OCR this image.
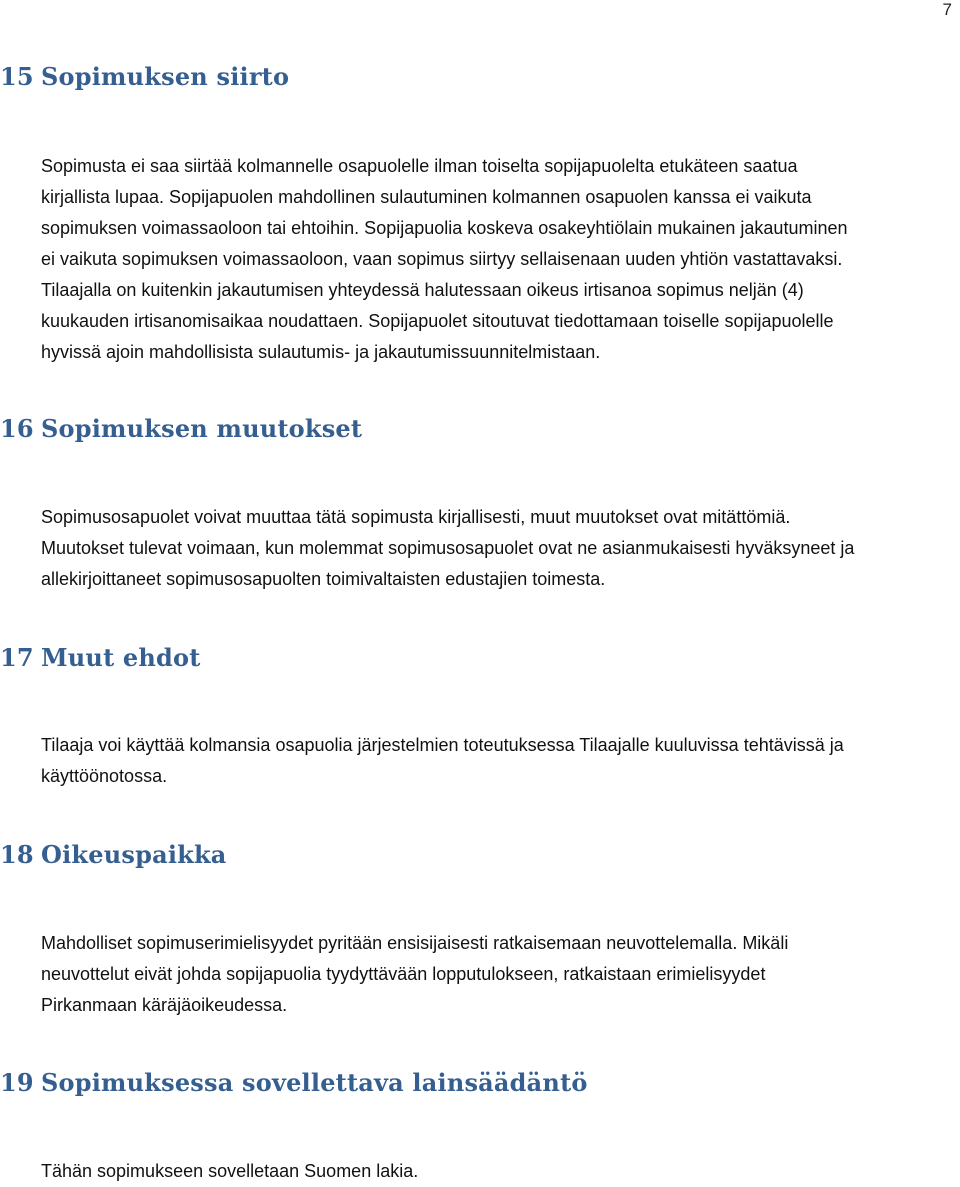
7
15 Sopimuksen siirto

Sopimusta ei saa siirtää kolmannelle osapuolelle ilman toiselta sopijapuolelta etukäteen saatua
kirjallista lupaa. Sopijapuolen mahdollinen sulautuminen kolmannen osapuolen kanssa ei vaikuta
sopimuksen voimassaoloon tai ehtoihin. Sopijapuolia koskeva osakeyhtiölain mukainen jakautuminen
ei vaikuta sopimuksen voimassaoloon, vaan sopimus siirtyy sellaisenaan uuden yhtiön vastattavaksi.
Tilaajalla on kuitenkin jakautumisen yhteydessä halutessaan oikeus irtisanoa sopimus neljän (4)
kuukauden irtisanomisaikaa noudattaen. Sopijapuolet sitoutuvat tiedottamaan toiselle sopijapuolelle
hyvissä ajoin mahdollisista sulautumis- ja jakautumissuunnitelmistaan.

16 Sopimuksen muutokset

Sopimusosapuolet voivat muuttaa tätä sopimusta kirjallisesti, muut muutokset ovat mitättömiä.
Muutokset tulevat voimaan, kun molemmat sopimusosapuolet ovat ne asianmukaisesti hyväksyneet ja
allekirjoittaneet sopimusosapuolten toimivaltaisten edustajien toimesta.

17 Muut ehdot

Tilaaja voi käyttää kolmansia osapuolia järjestelmien toteutuksessa Tilaajalle kuuluvissa tehtävissä ja
käyttöönotossa.

18 Oikeuspaikka

Mahdolliset sopimuserimielisyydet pyritään ensisijaisesti ratkaisemaan neuvottelemalla. Mikäli
neuvottelut eivät johda sopijapuolia tyydyttävään lopputulokseen, ratkaistaan erimielisyydet
Pirkanmaan käräjäoikeudessa.

19 Sopimuksessa sovellettava lainsäädäntö

Tähän sopimukseen sovelletaan Suomen lakia.
